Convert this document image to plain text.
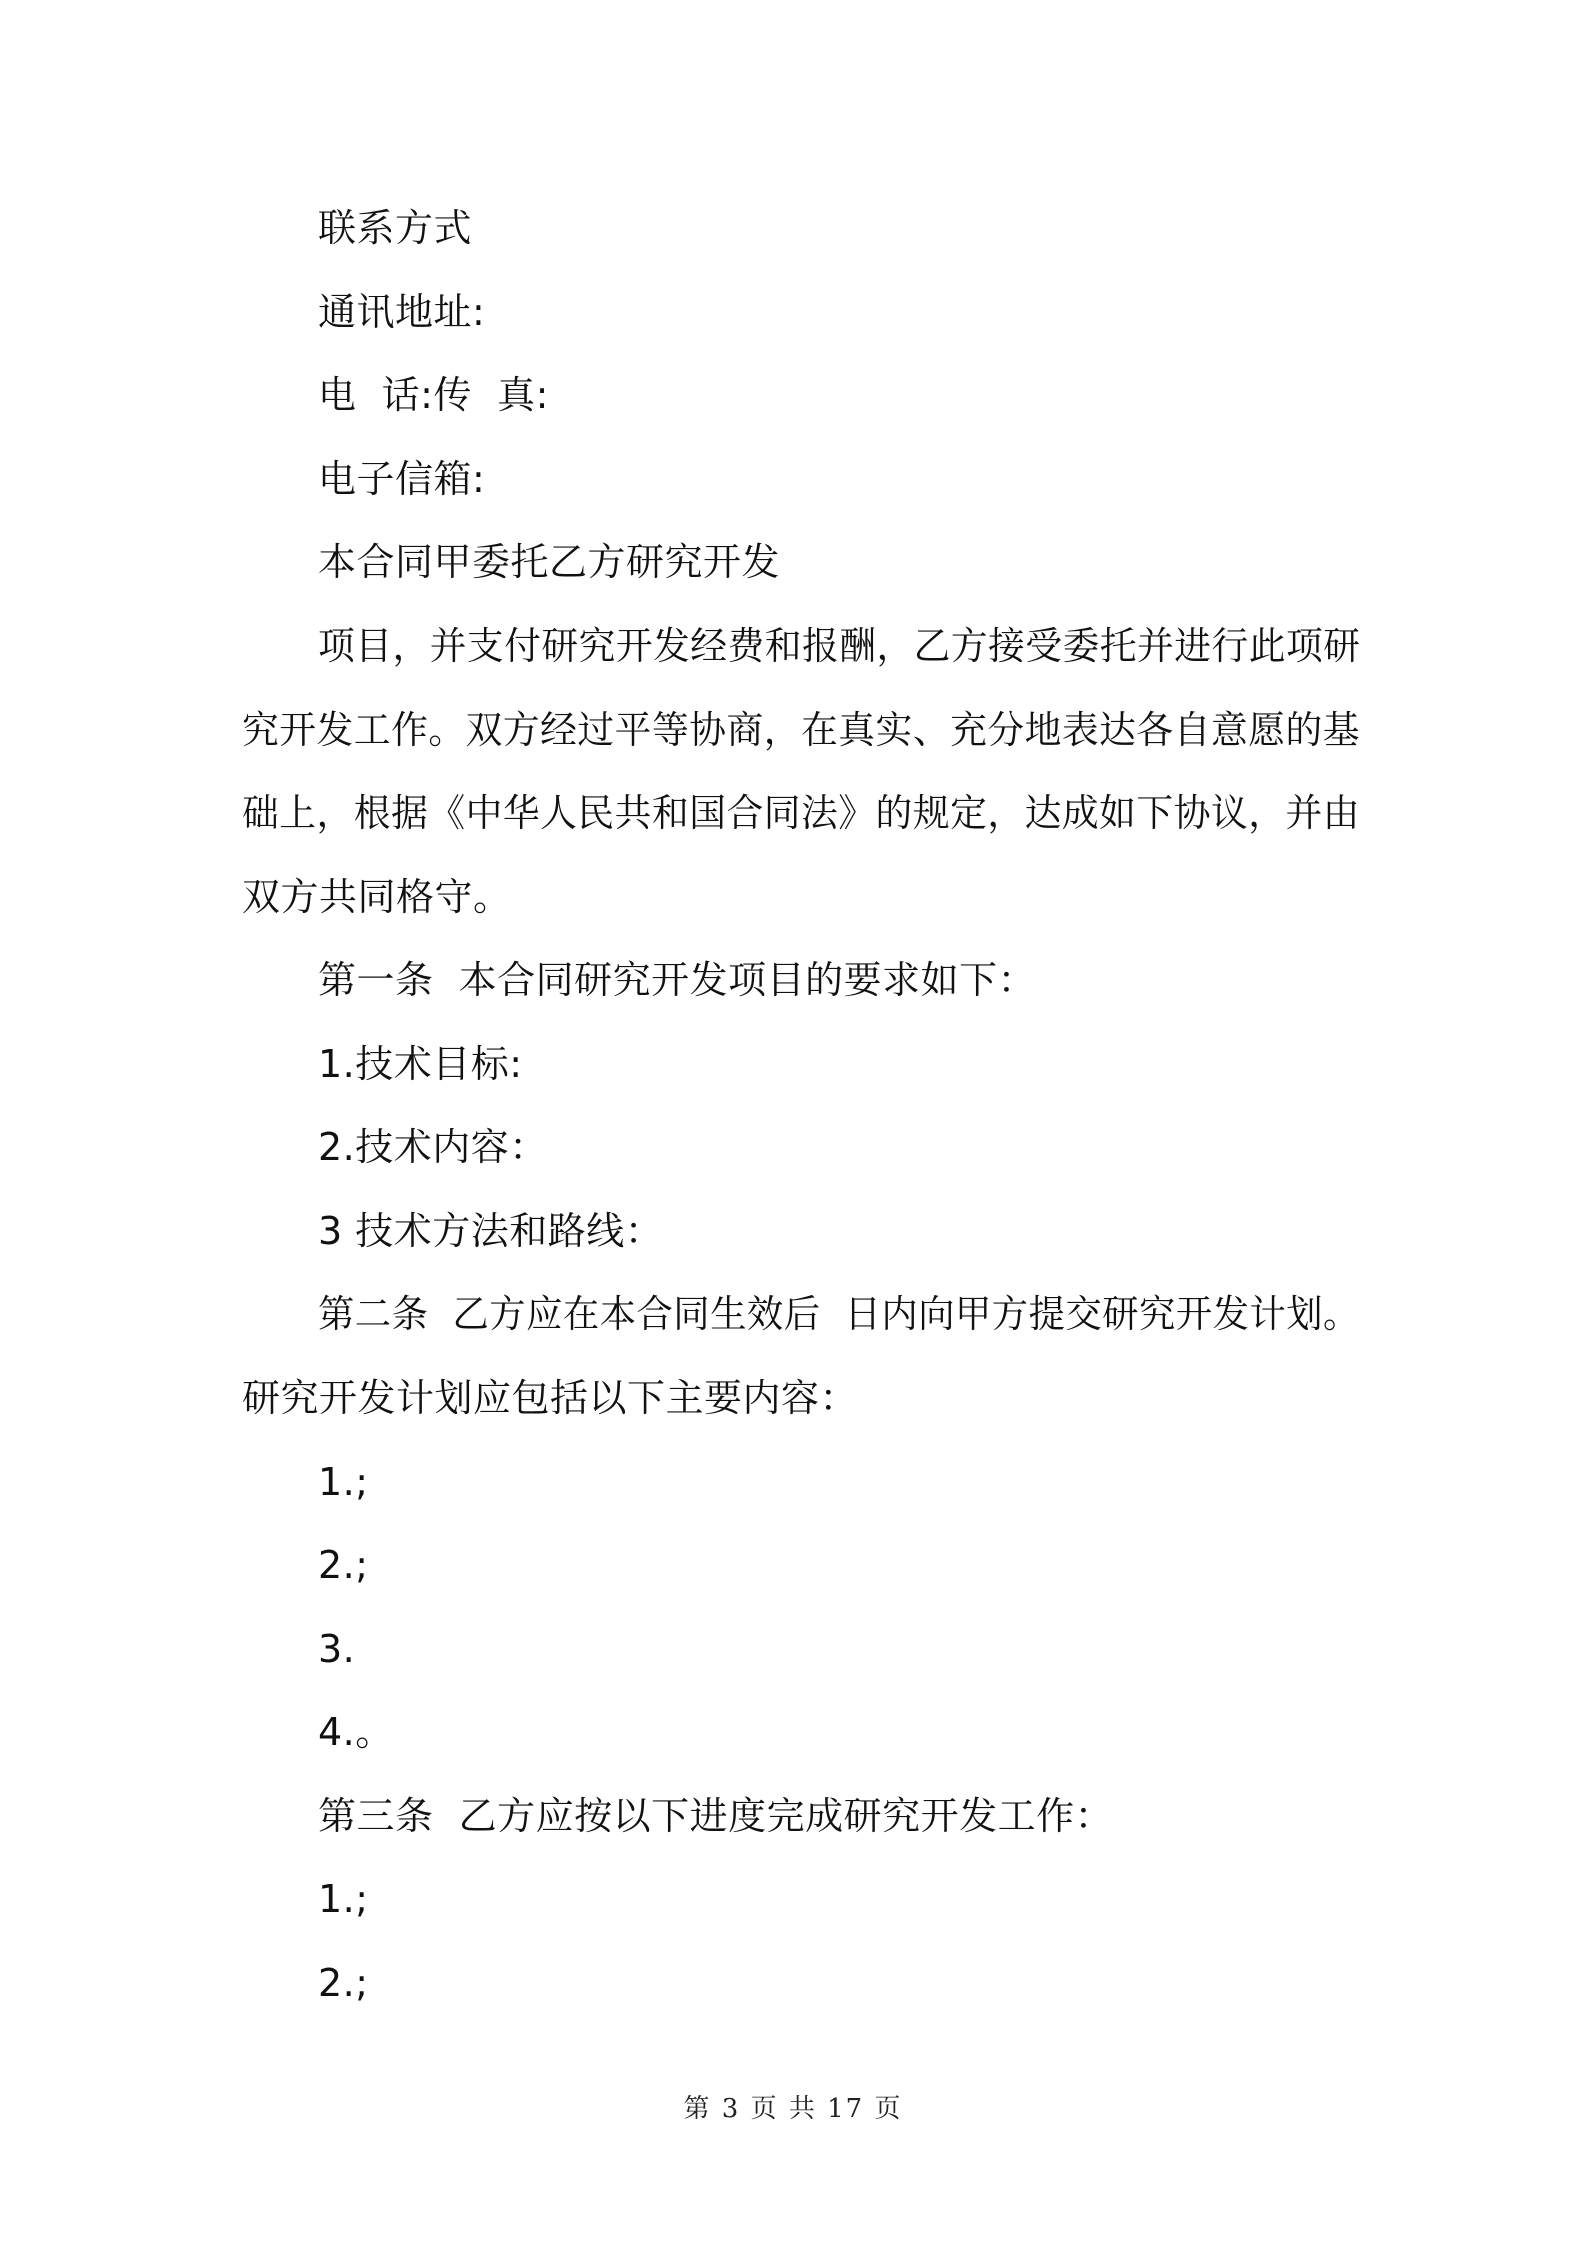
联系方式
通讯地址:
电  话:传  真:
电子信箱:
本合同甲委托乙方研究开发
项目，并支付研究开发经费和报酬，乙方接受委托并进行此项研
究开发工作。双方经过平等协商，在真实、充分地表达各自意愿的基
础上，根据《中华人民共和国合同法》的规定，达成如下协议，并由
双方共同格守。
第一条  本合同研究开发项目的要求如下：
1.技术目标:
2.技术内容：
3 技术方法和路线：
第二条  乙方应在本合同生效后  日内向甲方提交研究开发计划。
研究开发计划应包括以下主要内容：
1.;
2.;
3.
4.。
第三条  乙方应按以下进度完成研究开发工作：
1.;
2.;
第 3 页 共 17 页
